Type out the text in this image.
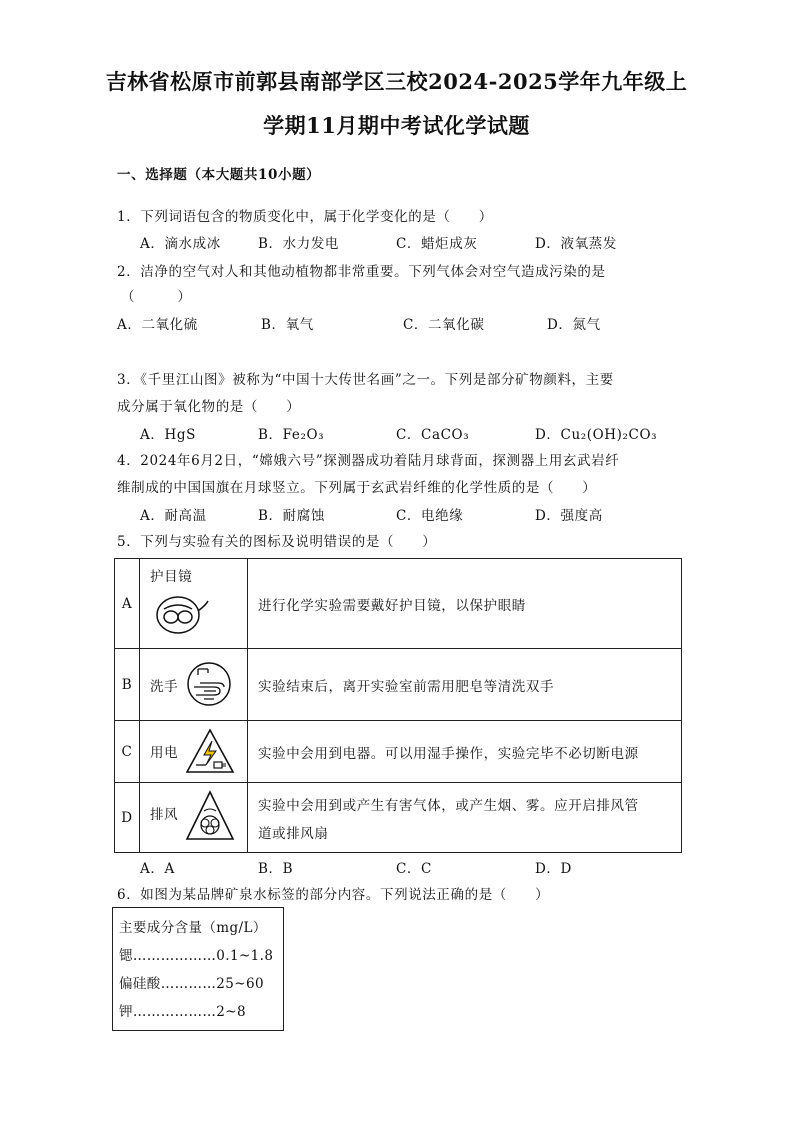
吉林省松原市前郭县南部学区三校2024-2025学年九年级上
学期11月期中考试化学试题
一、选择题（本大题共10小题）
1．下列词语包含的物质变化中，属于化学变化的是（　　）
A．滴水成冰	B．水力发电	C．蜡炬成灰	D．液氧蒸发
2．洁净的空气对人和其他动植物都非常重要。下列气体会对空气造成污染的是
（　　　）
A．二氧化硫	B．氧气	C．二氧化碳	D．氮气
3．《千里江山图》被称为“中国十大传世名画”之一。下列是部分矿物颜料，主要
成分属于氧化物的是（　　）
A．HgS	B．Fe₂O₃	C．CaCO₃	D．Cu₂(OH)₂CO₃
4．2024年6月2日，“嫦娥六号”探测器成功着陆月球背面，探测器上用玄武岩纤
维制成的中国国旗在月球竖立。下列属于玄武岩纤维的化学性质的是（　　）
A．耐高温	B．耐腐蚀	C．电绝缘	D．强度高
5．下列与实验有关的图标及说明错误的是（　　）
A	护目镜	进行化学实验需要戴好护目镜，以保护眼睛
B	洗手	实验结束后，离开实验室前需用肥皂等清洗双手
C	用电	实验中会用到电器。可以用湿手操作，实验完毕不必切断电源
D	排风	实验中会用到或产生有害气体，或产生烟、雾。应开启排风管
道或排风扇
A．A	B．B	C．C	D．D
6．如图为某品牌矿泉水标签的部分内容。下列说法正确的是（　　）
主要成分含量（mg/L）
锶………………0.1~1.8
偏硅酸…………25~60
钾………………2~8
